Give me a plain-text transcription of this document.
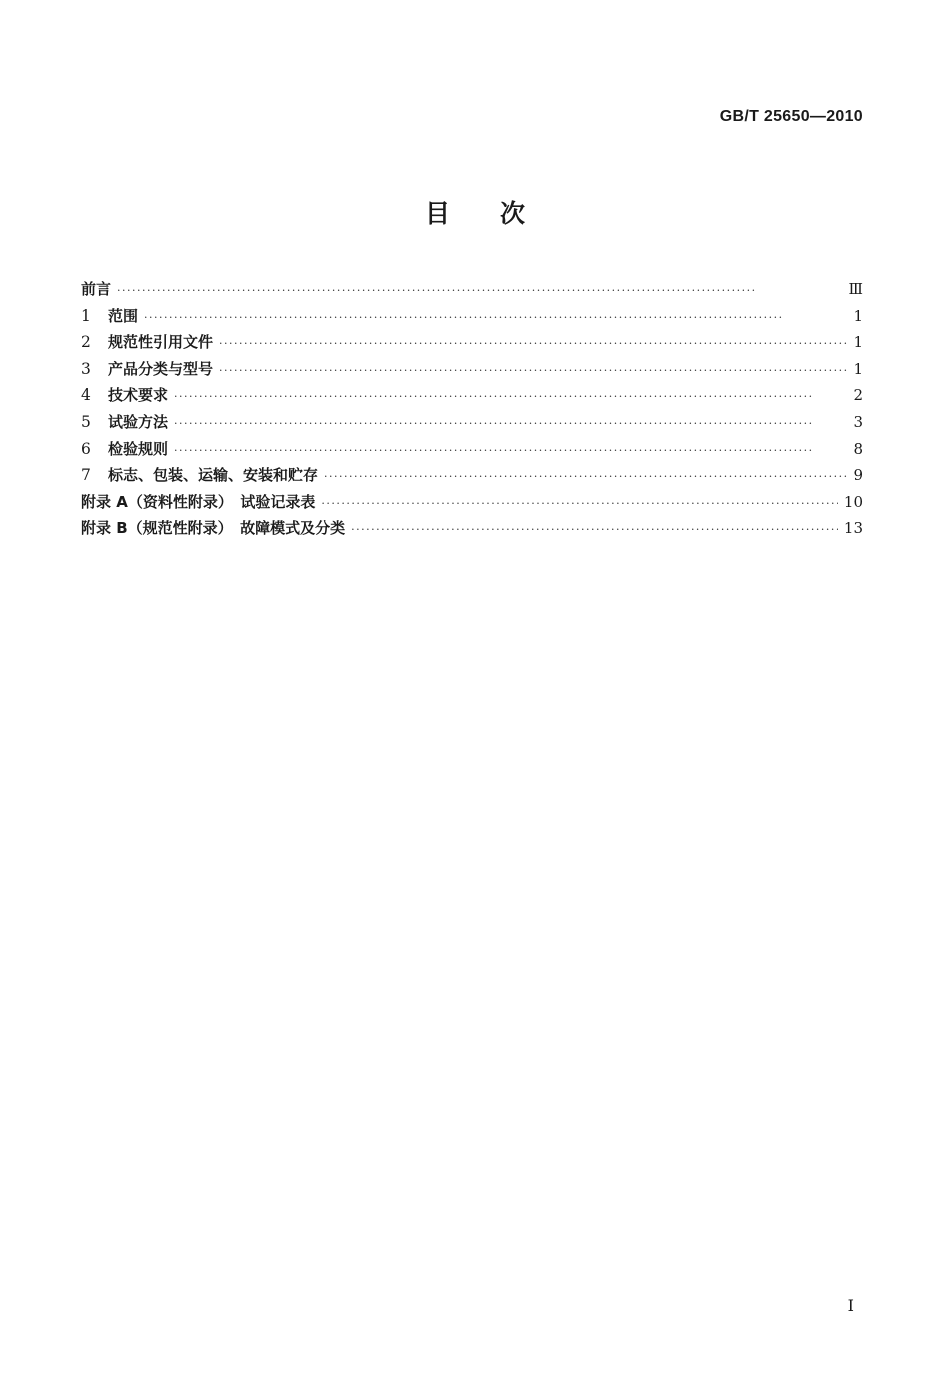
GB/T 25650—2010
目　　次
前言 ·····	Ⅲ
1	范围 ·····	1
2	规范性引用文件 ·····	1
3	产品分类与型号 ·····	1
4	技术要求 ·····	2
5	试验方法 ·····	3
6	检验规则 ·····	8
7	标志、包装、运输、安装和贮存 ·····	9
附录 A（资料性附录）　试验记录表 ·····	10
附录 B（规范性附录）　故障模式及分类 ·····	13
I
